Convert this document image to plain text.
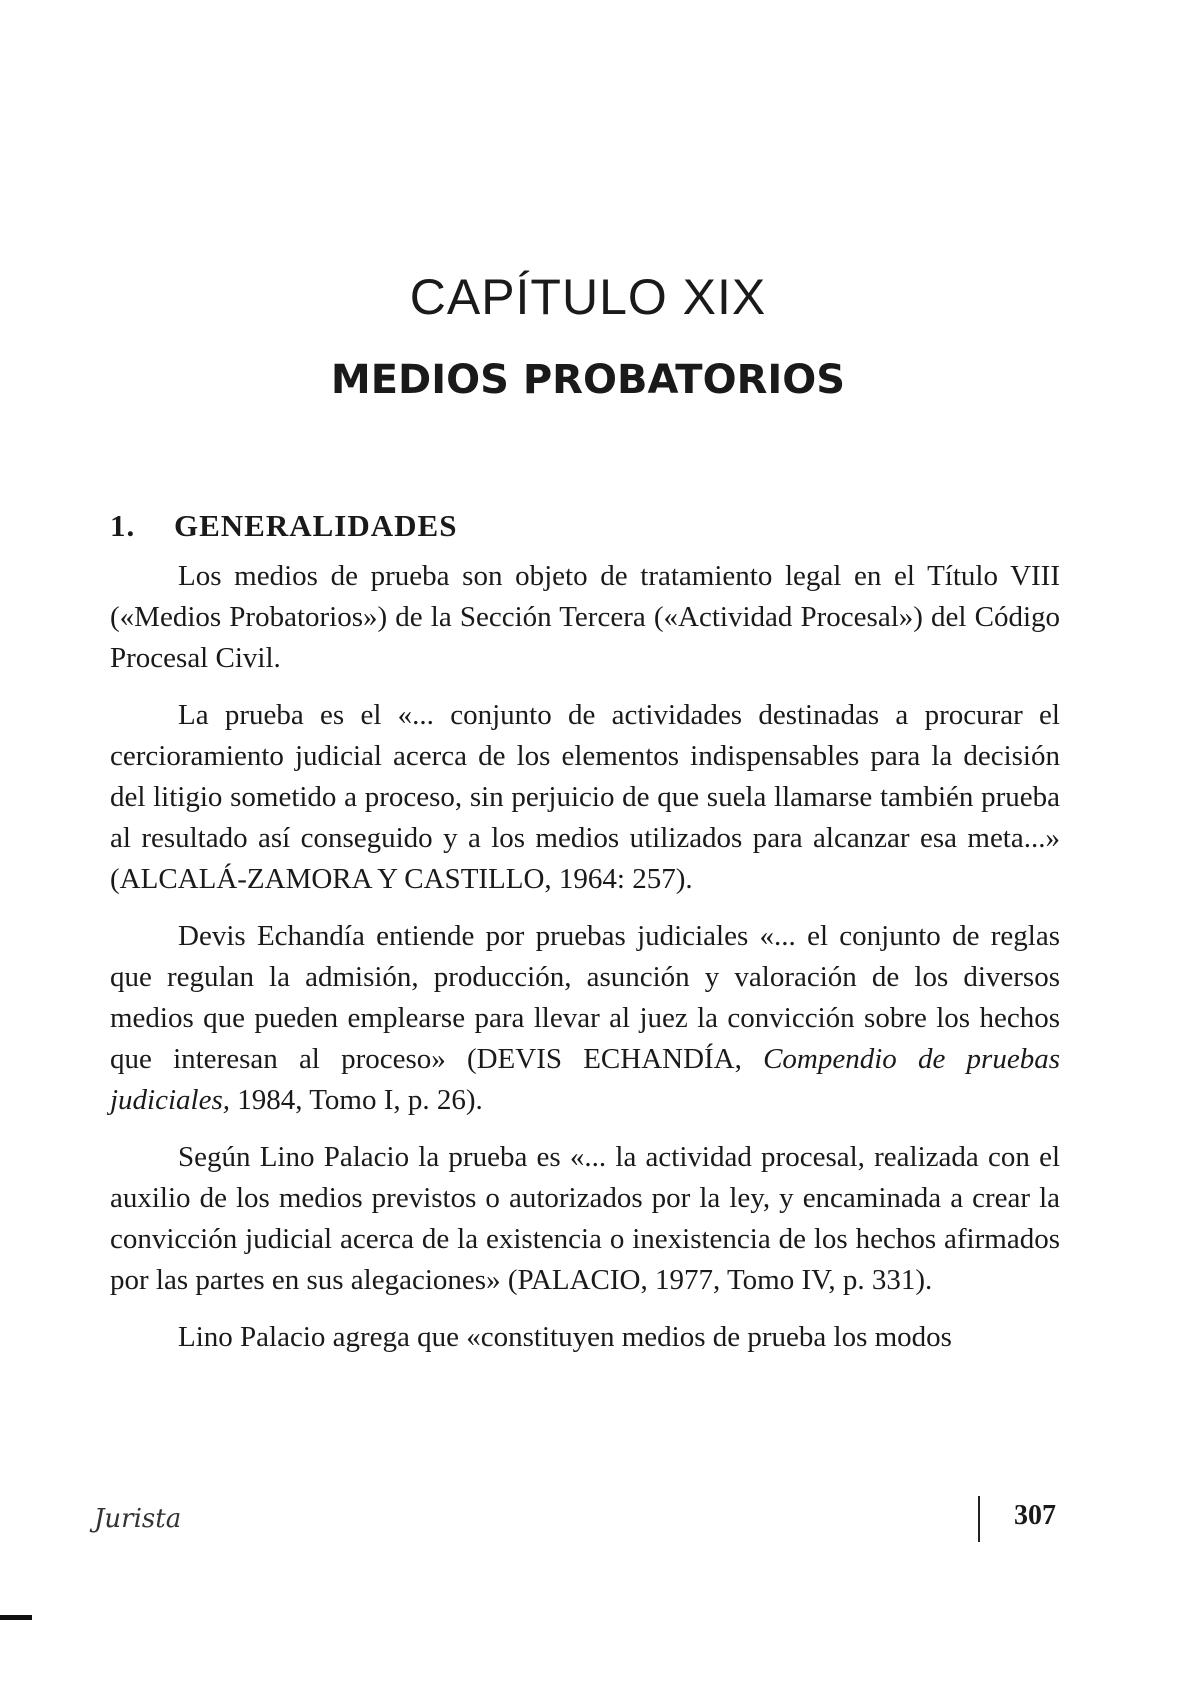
CAPÍTULO XIX
MEDIOS PROBATORIOS
1. GENERALIDADES

Los medios de prueba son objeto de tratamiento legal en el Título VIII («Medios Probatorios») de la Sección Tercera («Actividad Procesal») del Código Procesal Civil.

La prueba es el «... conjunto de actividades destinadas a procurar el cercioramiento judicial acerca de los elementos indispensables para la decisión del litigio sometido a proceso, sin perjuicio de que suela llamarse también prueba al resultado así conseguido y a los medios utilizados para alcanzar esa meta...» (ALCALÁ-ZAMORA Y CASTILLO, 1964: 257).

Devis Echandía entiende por pruebas judiciales «... el conjunto de reglas que regulan la admisión, producción, asunción y valoración de los diversos medios que pueden emplearse para llevar al juez la convicción sobre los hechos que interesan al proceso» (DEVIS ECHANDÍA, Compendio de pruebas judiciales, 1984, Tomo I, p. 26).

Según Lino Palacio la prueba es «... la actividad procesal, realizada con el auxilio de los medios previstos o autorizados por la ley, y encaminada a crear la convicción judicial acerca de la existencia o inexistencia de los hechos afirmados por las partes en sus alegaciones» (PALACIO, 1977, Tomo IV, p. 331).

Lino Palacio agrega que «constituyen medios de prueba los modos

Jurista	307
